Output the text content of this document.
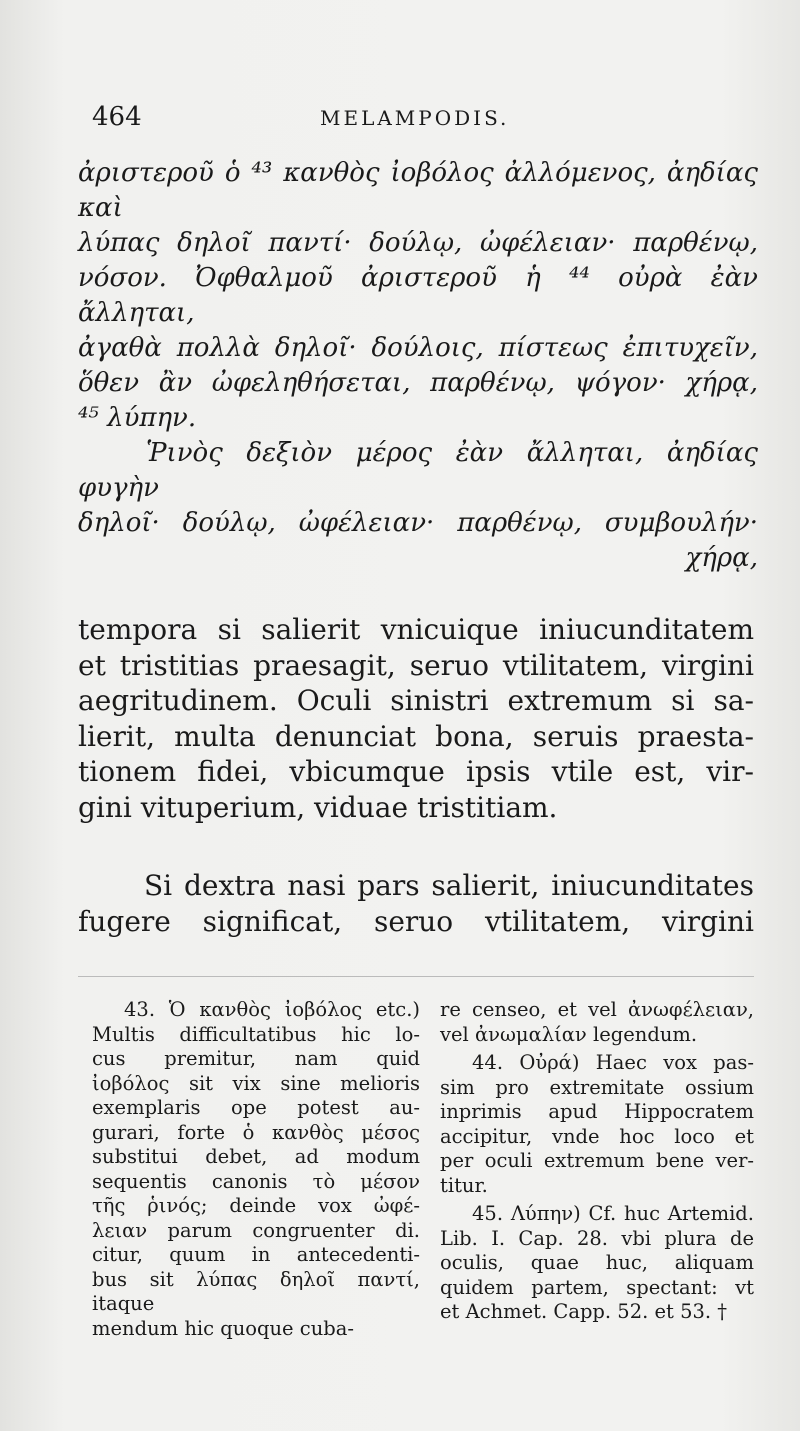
464	MELAMPODIS.

ἀριστεροῦ ὁ ⁴³ κανθὸς ἰοβόλος ἀλλόμενος, ἀηδίας καὶ

λύπας δηλοῖ παντί· δούλῳ, ὠφέλειαν· παρθένῳ,

νόσον. Ὀφθαλμοῦ ἀριστεροῦ ἡ ⁴⁴ οὐρὰ ἐὰν ἄλληται,

ἀγαθὰ πολλὰ δηλοῖ· δούλοις, πίστεως ἐπιτυχεῖν,

ὅθεν ἂν ὠφεληθήσεται, παρθένῳ, ψόγον· χήρᾳ,

⁴⁵ λύπην.

Ῥινὸς δεξιὸν μέρος ἐὰν ἄλληται, ἀηδίας φυγὴν

δηλοῖ· δούλῳ, ὠφέλειαν· παρθένῳ, συμβουλήν·

χήρᾳ,

tempora si salierit vnicuique iniucunditatem

et tristitias praesagit, seruo vtilitatem, virgini

aegritudinem. Oculi sinistri extremum si sa-

lierit, multa denunciat bona, seruis praesta-

tionem fidei, vbicumque ipsis vtile est, vir-

gini vituperium, viduae tristitiam.

Si dextra nasi pars salierit, iniucunditates

fugere significat, seruo vtilitatem, virgini

43. Ὁ κανθὸς ἰοβόλος etc.)

Multis difficultatibus hic lo-

cus premitur, nam quid

ἰοβόλος sit vix sine melioris

exemplaris ope potest au-

gurari, forte ὁ κανθὸς μέσος

substitui debet, ad modum

sequentis canonis τὸ μέσον

τῆς ῥινός; deinde vox ὠφέ-

λειαν parum congruenter di.

citur, quum in antecedenti-

bus sit λύπας δηλοῖ παντί, itaque

mendum hic quoque cuba-

re censeo, et vel ἀνωφέλειαν,

vel ἀνωμαλίαν legendum.

44. Οὐρά) Haec vox pas-

sim pro extremitate ossium

inprimis apud Hippocratem

accipitur, vnde hoc loco et

per oculi extremum bene ver-

titur.

45. Λύπην) Cf. huc Artemid.

Lib. I. Cap. 28. vbi plura de

oculis, quae huc, aliquam

quidem partem, spectant: vt

et Achmet. Capp. 52. et 53. †
